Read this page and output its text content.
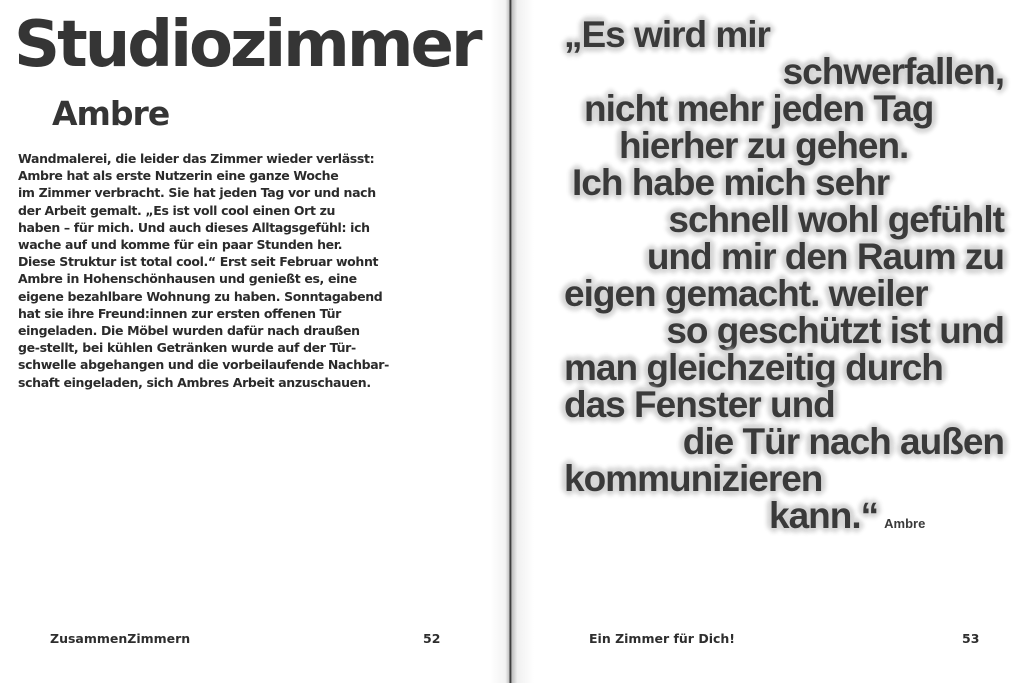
Studiozimmer
Ambre
Wandmalerei, die leider das Zimmer wieder verlässt:
Ambre hat als erste Nutzerin eine ganze Woche
im Zimmer verbracht. Sie hat jeden Tag vor und nach
der Arbeit gemalt. „Es ist voll cool einen Ort zu
haben – für mich. Und auch dieses Alltagsgefühl: ich
wache auf und komme für ein paar Stunden her.
Diese Struktur ist total cool.“ Erst seit Februar wohnt
Ambre in Hohenschönhausen und genießt es, eine
eigene bezahlbare Wohnung zu haben. Sonntagabend
hat sie ihre Freund:innen zur ersten offenen Tür
eingeladen. Die Möbel wurden dafür nach draußen
ge-stellt, bei kühlen Getränken wurde auf der Tür-
schwelle abgehangen und die vorbeilaufende Nachbar-
schaft eingeladen, sich Ambres Arbeit anzuschauen.
ZusammenZimmern	52
„Es wird mir
schwerfallen,
nicht mehr jeden Tag
hierher zu gehen.
Ich habe mich sehr
schnell wohl gefühlt
und mir den Raum zu
eigen gemacht. weiler
so geschützt ist und
man gleichzeitig durch
das Fenster und
die Tür nach außen
kommunizieren
kann.“ Ambre
Ein Zimmer für Dich!	53
